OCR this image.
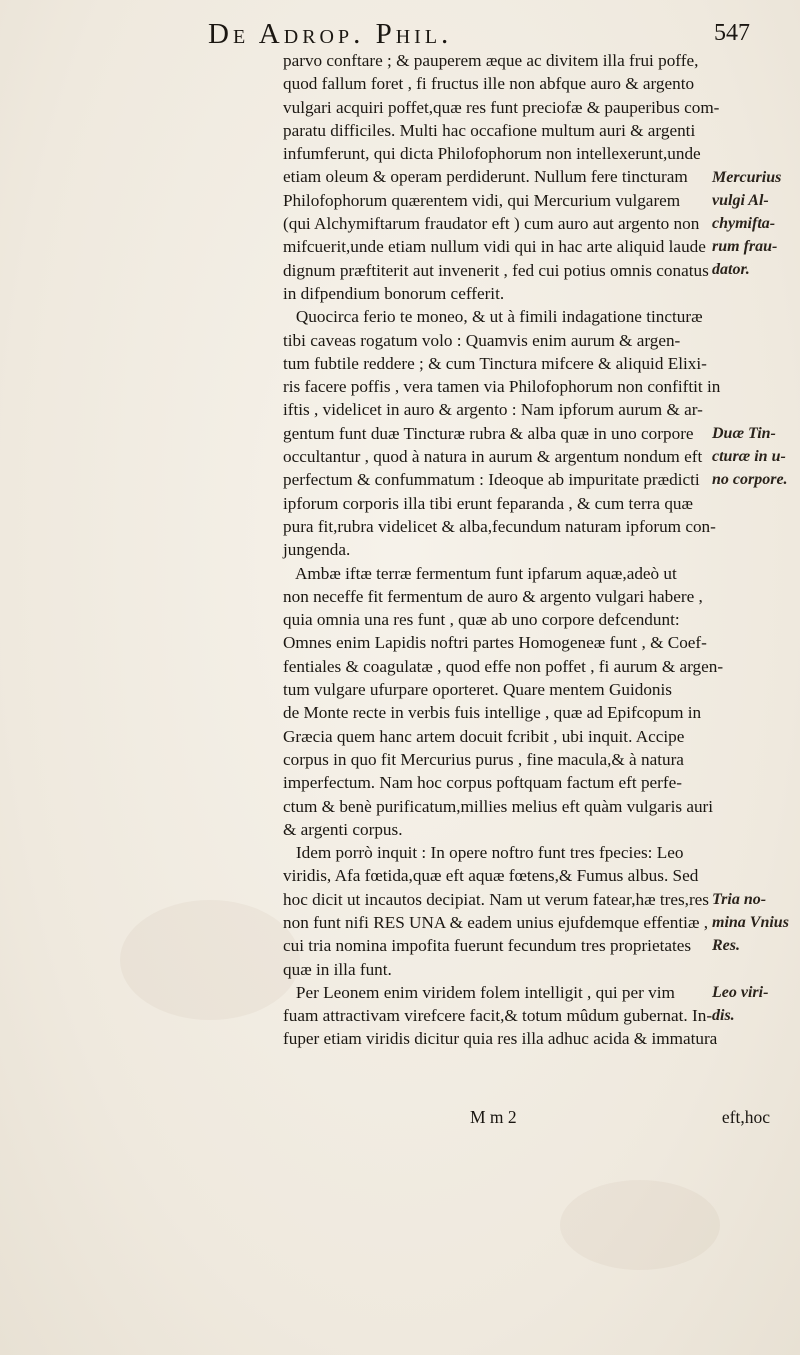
De Adrop. Phil.	547
parvo conftare ; & pauperem æque ac divitem illa frui poffe,
quod fallum foret , fi fructus ille non abfque auro & argento
vulgari acquiri poffet,quæ res funt preciofæ & pauperibus com-
paratu difficiles. Multi hac occafione multum auri & argenti
infumferunt, qui dicta Philofophorum non intellexerunt,unde
etiam oleum & operam perdiderunt. Nullum fere tincturam
Philofophorum quærentem vidi, qui Mercurium vulgarem
(qui Alchymiftarum fraudator eft ) cum auro aut argento non
mifcuerit,unde etiam nullum vidi qui in hac arte aliquid laude
dignum præftiterit aut invenerit , fed cui potius omnis conatus
in difpendium bonorum cefferit.
Quocirca ferio te moneo, & ut à fimili indagatione tincturæ
tibi caveas rogatum volo : Quamvis enim aurum & argen-
tum fubtile reddere ; & cum Tinctura mifcere & aliquid Elixi-
ris facere poffis , vera tamen via Philofophorum non confiftit in
iftis , videlicet in auro & argento : Nam ipforum aurum & ar-
gentum funt duæ Tincturæ rubra & alba quæ in uno corpore
occultantur , quod à natura in aurum & argentum nondum eft
perfectum & confummatum : Ideoque ab impuritate prædicti
ipforum corporis illa tibi erunt feparanda , & cum terra quæ
pura fit,rubra videlicet & alba,fecundum naturam ipforum con-
jungenda.
Ambæ iftæ terræ fermentum funt ipfarum aquæ,adeò ut
non neceffe fit fermentum de auro & argento vulgari habere ,
quia omnia una res funt , quæ ab uno corpore defcendunt:
Omnes enim Lapidis noftri partes Homogeneæ funt , & Coef-
fentiales & coagulatæ , quod effe non poffet , fi aurum & argen-
tum vulgare ufurpare oporteret. Quare mentem Guidonis
de Monte recte in verbis fuis intellige , quæ ad Epifcopum in
Græcia quem hanc artem docuit fcribit , ubi inquit. Accipe
corpus in quo fit Mercurius purus , fine macula,& à natura
imperfectum. Nam hoc corpus poftquam factum eft perfe-
ctum & benè purificatum,millies melius eft quàm vulgaris auri
& argenti corpus.
Idem porrò inquit : In opere noftro funt tres fpecies: Leo
viridis, Afa fœtida,quæ eft aquæ fœtens,& Fumus albus. Sed
hoc dicit ut incautos decipiat. Nam ut verum fatear,hæ tres,res
non funt nifi RES UNA & eadem unius ejufdemque effentiæ ,
cui tria nomina impofita fuerunt fecundum tres proprietates
quæ in illa funt.
Per Leonem enim viridem folem intelligit , qui per vim
fuam attractivam virefcere facit,& totum mûdum gubernat. In-
fuper etiam viridis dicitur quia res illa adhuc acida & immatura
Mercurius
vulgi Al-
chymifta-
rum frau-
dator.
Duæ Tin-
cturæ in u-
no corpore.
Tria no-
mina Vnius
Res.
Leo viri-
dis.
M m 2	eft,hoc
